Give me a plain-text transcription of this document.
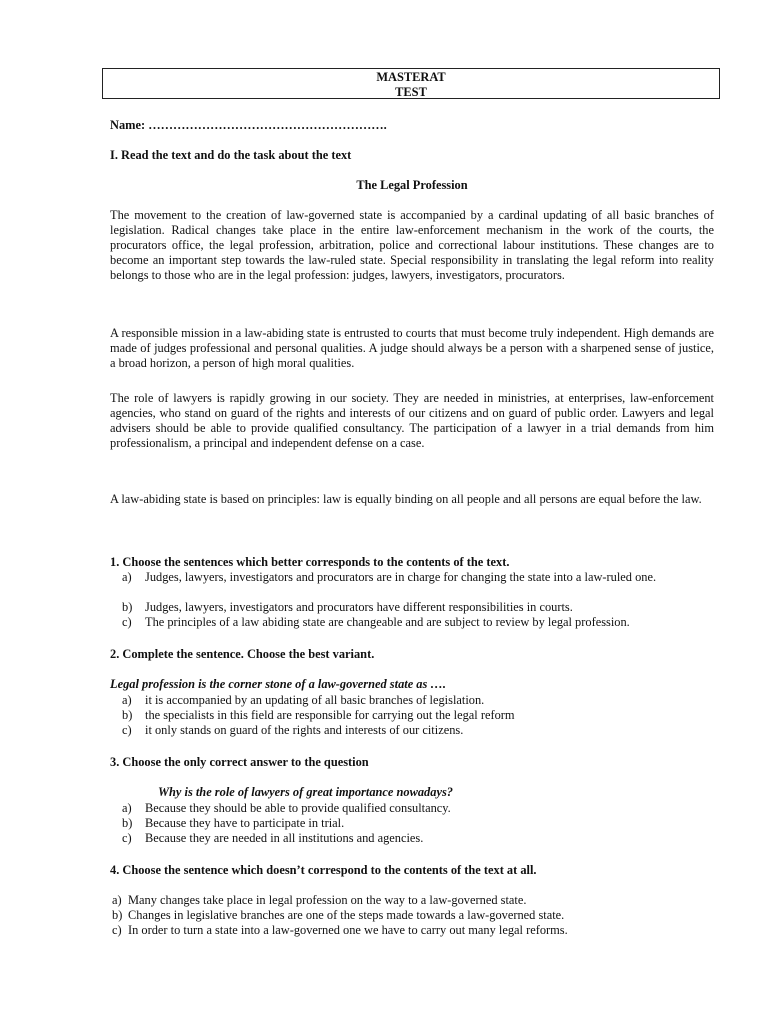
MASTERAT
TEST
Name: ………………………………………………….
I. Read the text and do the task about the text
The Legal Profession
The movement to the creation of law-governed state is accompanied by a cardinal updating of all basic branches of legislation. Radical changes take place in the entire law-enforcement mechanism in the work of the courts, the procurators office, the legal profession, arbitration, police and correctional labour institutions. These changes are to become an important step towards the law-ruled state. Special responsibility in translating the legal reform into reality belongs to those who are in the legal profession: judges, lawyers, investigators, procurators.
A responsible mission in a law-abiding state is entrusted to courts that must become truly independent. High demands are made of judges professional and personal qualities. A judge should always be a person with a sharpened sense of justice, a broad horizon, a person of high moral qualities.
The role of lawyers is rapidly growing in our society. They are needed in ministries, at enterprises, law-enforcement agencies, who stand on guard of the rights and interests of our citizens and on guard of public order. Lawyers and legal advisers should be able to provide qualified consultancy. The participation of a lawyer in a trial demands from him professionalism, a principal and independent defense on a case.
A law-abiding state is based on principles: law is equally binding on all people and all persons are equal before the law.
1. Choose the sentences which better corresponds to the contents of the text.
a)	Judges, lawyers, investigators and procurators are in charge for changing the state into a law-ruled one.
b)	Judges, lawyers, investigators and procurators have different responsibilities in courts.
c)	The principles of a law abiding state are changeable and are subject to review by legal profession.
2. Complete the sentence. Choose the best variant.
Legal profession is the corner stone of a law-governed state as ….
a)	it is accompanied by an updating of all basic branches of legislation.
b)	the specialists in this field are responsible for carrying out the legal reform
c)	it only stands on guard of the rights and interests of our citizens.
3. Choose the only correct answer to the question
Why is the role of lawyers of great importance nowadays?
a)	Because they should be able to provide qualified consultancy.
b)	Because they have to participate in trial.
c)	Because they are needed in all institutions and agencies.
4. Choose the sentence which doesn’t correspond to the contents of the text at all.
a) Many changes take place in legal profession on the way to a law-governed state.
b) Changes in legislative branches are one of the steps made towards a law-governed state.
c) In order to turn a state into a law-governed one we have to carry out many legal reforms.
